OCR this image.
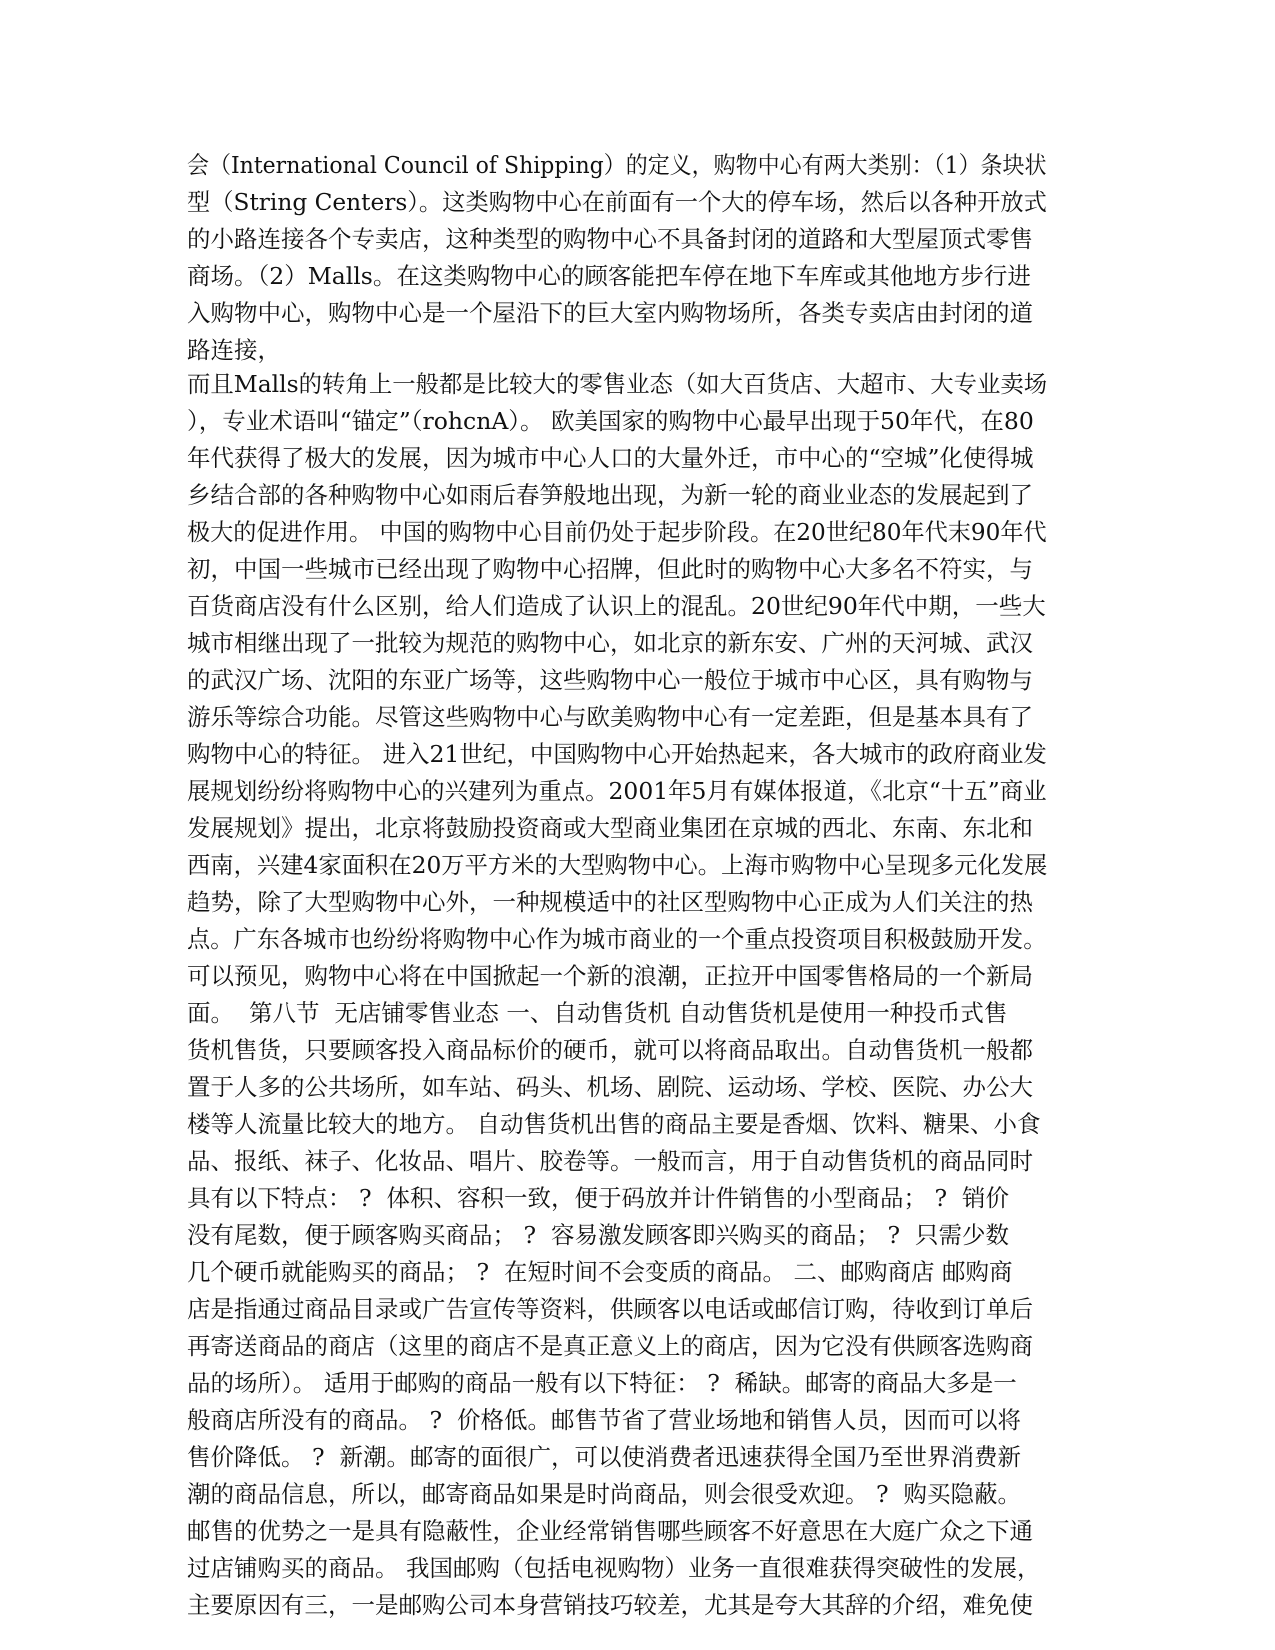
会（International Council of Shipping）的定义，购物中心有两大类别：（1）条块状
型（String Centers）。这类购物中心在前面有一个大的停车场，然后以各种开放式
的小路连接各个专卖店，这种类型的购物中心不具备封闭的道路和大型屋顶式零售
商场。（2）Malls。在这类购物中心的顾客能把车停在地下车库或其他地方步行进
入购物中心，购物中心是一个屋沿下的巨大室内购物场所，各类专卖店由封闭的道
路连接，
而且Malls的转角上一般都是比较大的零售业态（如大百货店、大超市、大专业卖场
），专业术语叫“锚定”（rohcnA）。 欧美国家的购物中心最早出现于50年代，在80
年代获得了极大的发展，因为城市中心人口的大量外迁，市中心的“空城”化使得城
乡结合部的各种购物中心如雨后春笋般地出现，为新一轮的商业业态的发展起到了
极大的促进作用。 中国的购物中心目前仍处于起步阶段。在20世纪80年代末90年代
初，中国一些城市已经出现了购物中心招牌，但此时的购物中心大多名不符实，与
百货商店没有什么区别，给人们造成了认识上的混乱。20世纪90年代中期，一些大
城市相继出现了一批较为规范的购物中心，如北京的新东安、广州的天河城、武汉
的武汉广场、沈阳的东亚广场等，这些购物中心一般位于城市中心区，具有购物与
游乐等综合功能。尽管这些购物中心与欧美购物中心有一定差距，但是基本具有了
购物中心的特征。 进入21世纪，中国购物中心开始热起来，各大城市的政府商业发
展规划纷纷将购物中心的兴建列为重点。2001年5月有媒体报道，《北京“十五”商业
发展规划》提出，北京将鼓励投资商或大型商业集团在京城的西北、东南、东北和
西南，兴建4家面积在20万平方米的大型购物中心。上海市购物中心呈现多元化发展
趋势，除了大型购物中心外，一种规模适中的社区型购物中心正成为人们关注的热
点。广东各城市也纷纷将购物中心作为城市商业的一个重点投资项目积极鼓励开发。
可以预见，购物中心将在中国掀起一个新的浪潮，正拉开中国零售格局的一个新局
面。  第八节  无店铺零售业态 一、自动售货机 自动售货机是使用一种投币式售
货机售货，只要顾客投入商品标价的硬币，就可以将商品取出。自动售货机一般都
置于人多的公共场所，如车站、码头、机场、剧院、运动场、学校、医院、办公大
楼等人流量比较大的地方。 自动售货机出售的商品主要是香烟、饮料、糖果、小食
品、报纸、袜子、化妆品、唱片、胶卷等。一般而言，用于自动售货机的商品同时
具有以下特点： ?  体积、容积一致，便于码放并计件销售的小型商品； ?  销价
没有尾数，便于顾客购买商品； ?  容易激发顾客即兴购买的商品； ?  只需少数
几个硬币就能购买的商品； ?  在短时间不会变质的商品。 二、邮购商店 邮购商
店是指通过商品目录或广告宣传等资料，供顾客以电话或邮信订购，待收到订单后
再寄送商品的商店（这里的商店不是真正意义上的商店，因为它没有供顾客选购商
品的场所）。 适用于邮购的商品一般有以下特征： ?  稀缺。邮寄的商品大多是一
般商店所没有的商品。 ?  价格低。邮售节省了营业场地和销售人员，因而可以将
售价降低。 ?  新潮。邮寄的面很广，可以使消费者迅速获得全国乃至世界消费新
潮的商品信息，所以，邮寄商品如果是时尚商品，则会很受欢迎。 ?  购买隐蔽。
邮售的优势之一是具有隐蔽性，企业经常销售哪些顾客不好意思在大庭广众之下通
过店铺购买的商品。 我国邮购（包括电视购物）业务一直很难获得突破性的发展，
主要原因有三，一是邮购公司本身营销技巧较差，尤其是夸大其辞的介绍，难免使
